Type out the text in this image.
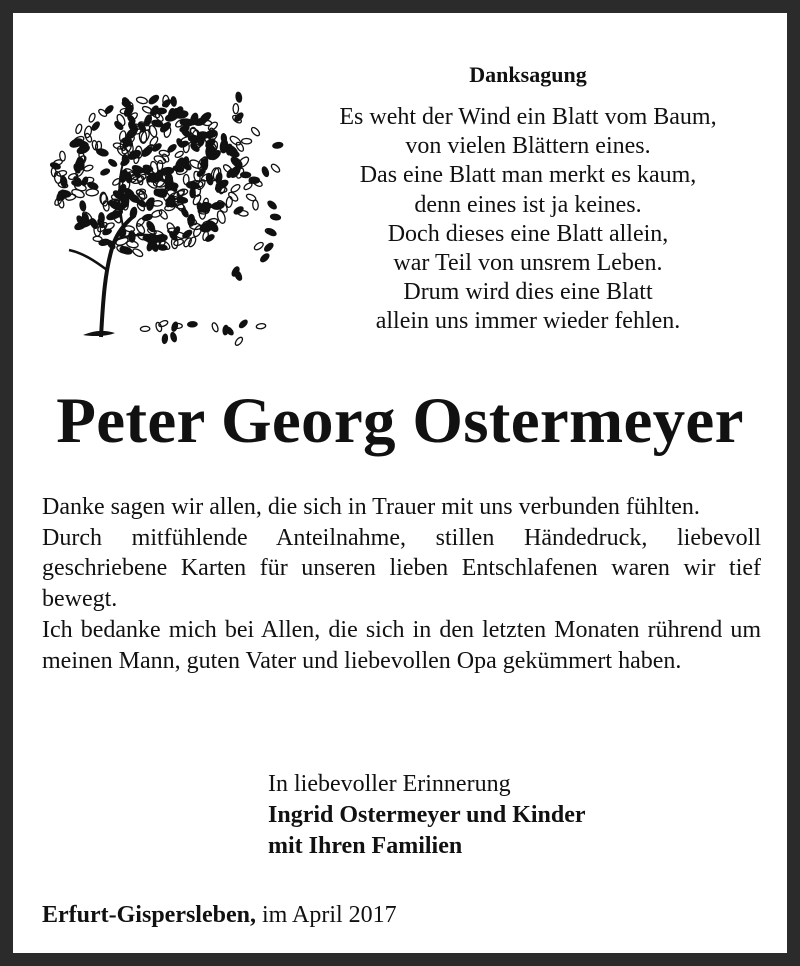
Danksagung
Es weht der Wind ein Blatt vom Baum,
von vielen Blättern eines.
Das eine Blatt man merkt es kaum,
denn eines ist ja keines.
Doch dieses eine Blatt allein,
war Teil von unsrem Leben.
Drum wird dies eine Blatt
allein uns immer wieder fehlen.
Peter Georg Ostermeyer

Danke sagen wir allen, die sich in Trauer mit uns verbunden fühlten.

Durch mitfühlende Anteilnahme, stillen Händedruck, liebevoll geschriebene Karten für unseren lieben Entschlafenen waren wir tief bewegt.

Ich bedanke mich bei Allen, die sich in den letzten Monaten rührend um meinen Mann, guten Vater und liebevollen Opa gekümmert haben.

In liebevoller Erinnerung
Ingrid Ostermeyer und Kinder
mit Ihren Familien
Erfurt-Gispersleben, im April 2017
